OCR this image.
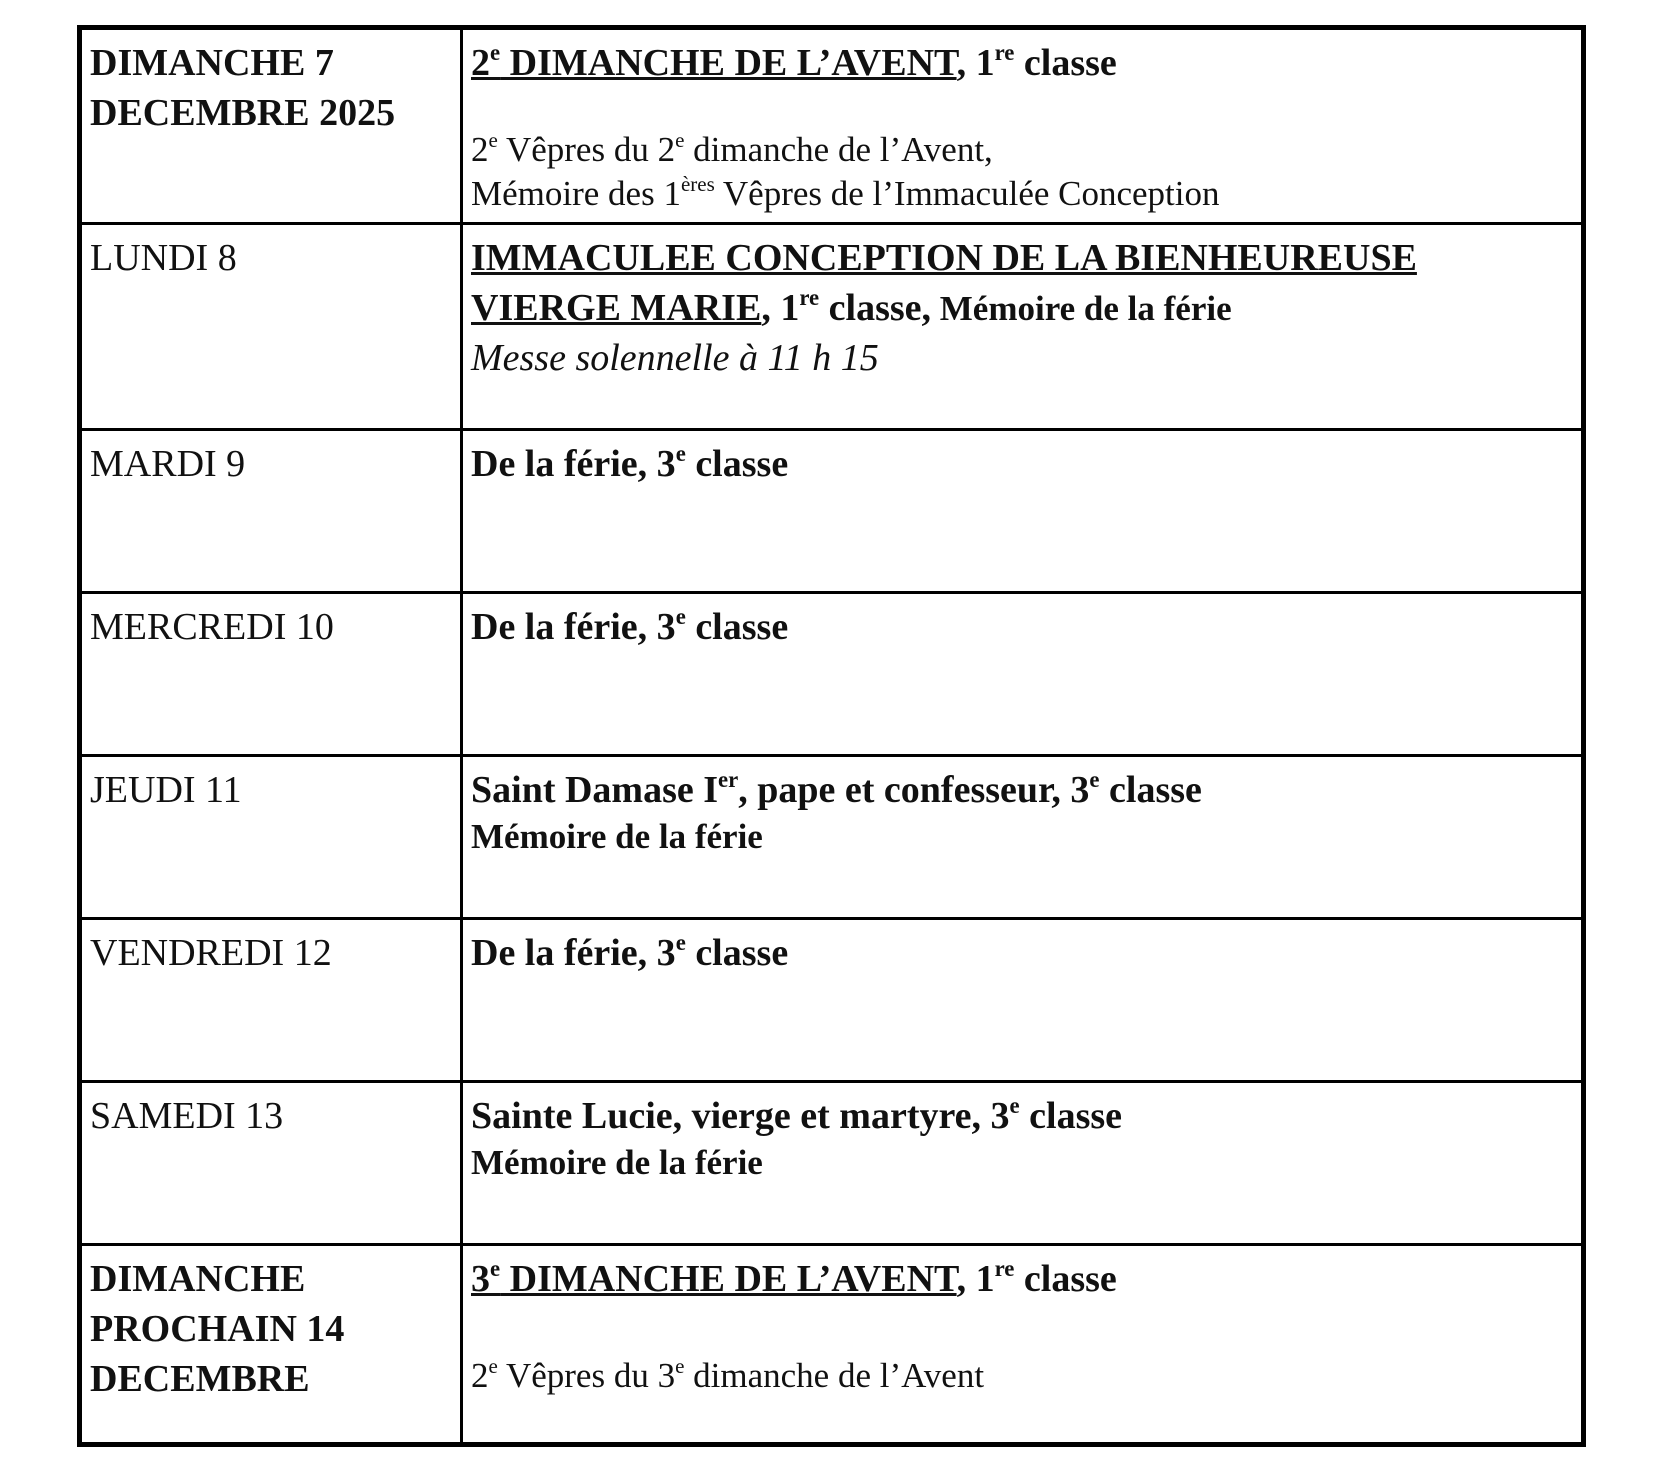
DIMANCHE 7 DECEMBRE 2025	2e DIMANCHE DE L’AVENT, 1re classe
2e Vêpres du 2e dimanche de l’Avent,
Mémoire des 1ères Vêpres de l’Immaculée Conception

LUNDI 8	IMMACULEE CONCEPTION DE LA BIENHEUREUSE VIERGE MARIE, 1re classe, Mémoire de la férie
Messe solennelle à 11 h 15

MARDI 9	De la férie, 3e classe

MERCREDI 10	De la férie, 3e classe

JEUDI 11	Saint Damase Ier, pape et confesseur, 3e classe
Mémoire de la férie

VENDREDI 12	De la férie, 3e classe

SAMEDI 13	Sainte Lucie, vierge et martyre, 3e classe
Mémoire de la férie

DIMANCHE PROCHAIN 14 DECEMBRE	3e DIMANCHE DE L’AVENT, 1re classe
2e Vêpres du 3e dimanche de l’Avent
